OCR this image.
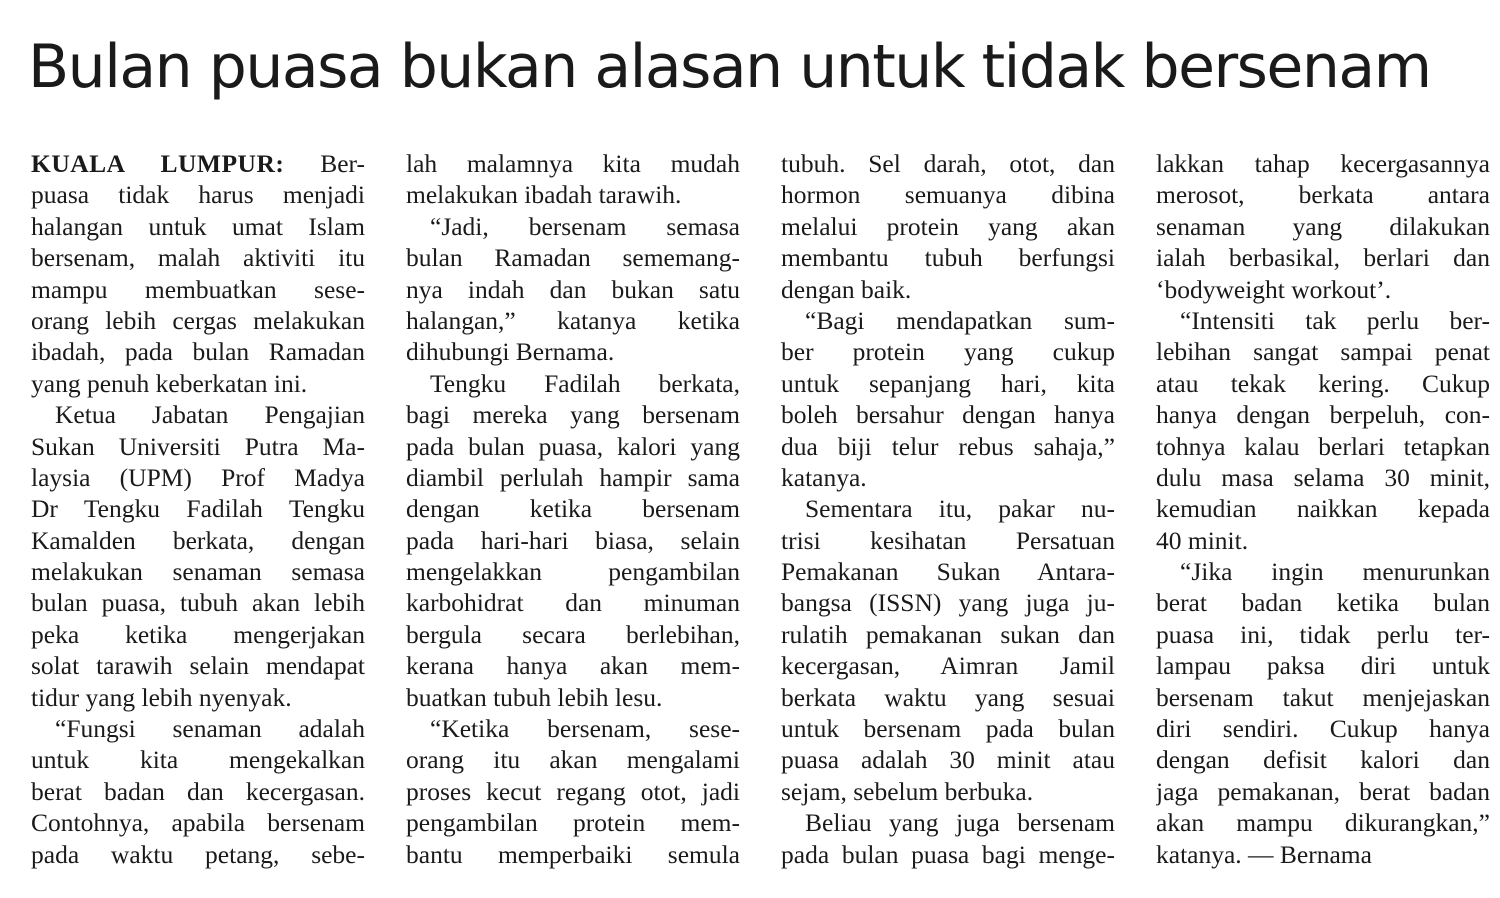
Bulan puasa bukan alasan untuk tidak bersenam
KUALA LUMPUR: Ber-
puasa tidak harus menjadi
halangan untuk umat Islam
bersenam, malah aktiviti itu
mampu membuatkan sese-
orang lebih cergas melakukan
ibadah, pada bulan Ramadan
yang penuh keberkatan ini.
Ketua Jabatan Pengajian
Sukan Universiti Putra Ma-
laysia (UPM) Prof Madya
Dr Tengku Fadilah Tengku
Kamalden berkata, dengan
melakukan senaman semasa
bulan puasa, tubuh akan lebih
peka ketika mengerjakan
solat tarawih selain mendapat
tidur yang lebih nyenyak.
“Fungsi senaman adalah
untuk kita mengekalkan
berat badan dan kecergasan.
Contohnya, apabila bersenam
pada waktu petang, sebe-
lah malamnya kita mudah
melakukan ibadah tarawih.
“Jadi, bersenam semasa
bulan Ramadan sememang-
nya indah dan bukan satu
halangan,” katanya ketika
dihubungi Bernama.
Tengku Fadilah berkata,
bagi mereka yang bersenam
pada bulan puasa, kalori yang
diambil perlulah hampir sama
dengan ketika bersenam
pada hari-hari biasa, selain
mengelakkan pengambilan
karbohidrat dan minuman
bergula secara berlebihan,
kerana hanya akan mem-
buatkan tubuh lebih lesu.
“Ketika bersenam, sese-
orang itu akan mengalami
proses kecut regang otot, jadi
pengambilan protein mem-
bantu memperbaiki semula
tubuh. Sel darah, otot, dan
hormon semuanya dibina
melalui protein yang akan
membantu tubuh berfungsi
dengan baik.
“Bagi mendapatkan sum-
ber protein yang cukup
untuk sepanjang hari, kita
boleh bersahur dengan hanya
dua biji telur rebus sahaja,”
katanya.
Sementara itu, pakar nu-
trisi kesihatan Persatuan
Pemakanan Sukan Antara-
bangsa (ISSN) yang juga ju-
rulatih pemakanan sukan dan
kecergasan, Aimran Jamil
berkata waktu yang sesuai
untuk bersenam pada bulan
puasa adalah 30 minit atau
sejam, sebelum berbuka.
Beliau yang juga bersenam
pada bulan puasa bagi menge-
lakkan tahap kecergasannya
merosot, berkata antara
senaman yang dilakukan
ialah berbasikal, berlari dan
‘bodyweight workout’.
“Intensiti tak perlu ber-
lebihan sangat sampai penat
atau tekak kering. Cukup
hanya dengan berpeluh, con-
tohnya kalau berlari tetapkan
dulu masa selama 30 minit,
kemudian naikkan kepada
40 minit.
“Jika ingin menurunkan
berat badan ketika bulan
puasa ini, tidak perlu ter-
lampau paksa diri untuk
bersenam takut menjejaskan
diri sendiri. Cukup hanya
dengan defisit kalori dan
jaga pemakanan, berat badan
akan mampu dikurangkan,”
katanya. — Bernama
